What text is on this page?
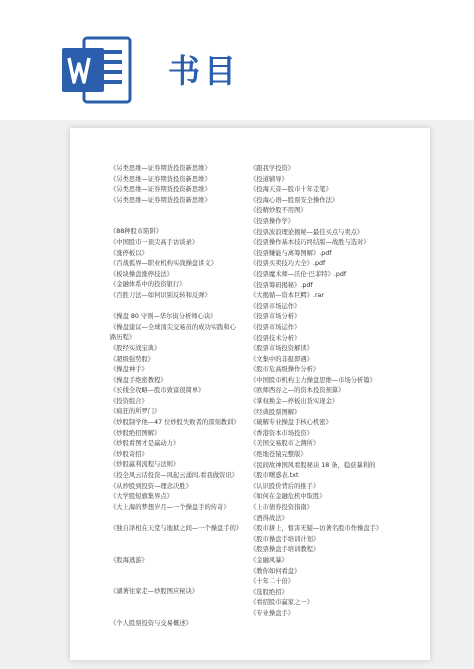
书目
《另类思维—证券期货投资新思维》
《另类思维—证券期货投资新思维》
《另类思维—证券期货投资新思维》
《另类思维—证券期货投资新思维》
《88种股市陷阱》
《中国股市一顶尖高手访谈录》
《涨停板以》
《百战孤界—职业机构实战操盘讲义》
《板块操盘涨停技法》
《金融体系中的投资银行》
《百胜刀法—如何识别反转和反弹》
《操盘 80 守则—华尔街分析师心诀》
《操盘建议—全球顶尖交易员的成功实践和心路历程》
《股经实战宝典》
《超级强势股》
《操盘神手》
《操盘手绝密教程》
《长线全攻略—股市致富很简单》
《投资组合》
《疯狂的所罗门》
《炒股制学他—47 位炒股失败者的深刻教训》
《炒股绝招图解》
《炒股看图才是赢动力》
《炒股奇招》
《炒股赢利流程与法则》
《投全风云话投资—风起云涌间,看我做资讯》
《从炒股到投资—理念决胜》
《大学股短旗集界点》
《大上海的梦想岁月—一个操盘手的传奇》
《独自泽相在天堂与地狱之间—一个操盘手的》
《股海逃游》
《湖著往家走—炒股图应秘诀》
《个人股票投资与交易概述》
《跟我学投资》
《投道辅导》
《投海天音—股市十年走笔》
《投海心语—股票安全操作法》
《投精炒股不用图》
《投票操作学》
《投票波浪理论揭秘—最佳买点与卖点》
《投票操作基本技巧终结版—战胜与选对》
《投票赚能与离筹图解》.pdf
《投票买卖技巧大全》.pdf
《投票魔术师—沃伦·巴菲特》.pdf
《投票筹码揭秘》.pdf
《大揭循—资本巨鳄》.rar
《投票市场运作》
《投票市场分析》
《投票市场运作》
《投票技术分析》
《股票市场投资解读》
《文集中的非报即遇》
《股市危高级操作分析》
《中国股市机构主力操盘思维—市场分析篇》
《欧师西谷之—的资本投资预算》
《掌权换金—停板出货实现金》
《经典股票图解》
《破解专业操盘手核心机密》
《香港资本市场投资》
《美国交易股市之测所》
《绝地苍猿完整版》
《民间故神国风看股秘诀 18 条，稳获暴利的
《股市曙惑表.txt
《认识股价背后的推手》
《如何在金融危机中取胜》
《上市债券投资指南》
《酒得战法》
《股市拼上，暂害无疑—访著名股市作操盘手》
《股市操盘手培训计划》
《股票操盘手培训教程》
《金融风暴》
《教你如何看盘》
《十年二十倍》
《选股绝招》
《看招股市赢家之一》
《专业操盘手》
